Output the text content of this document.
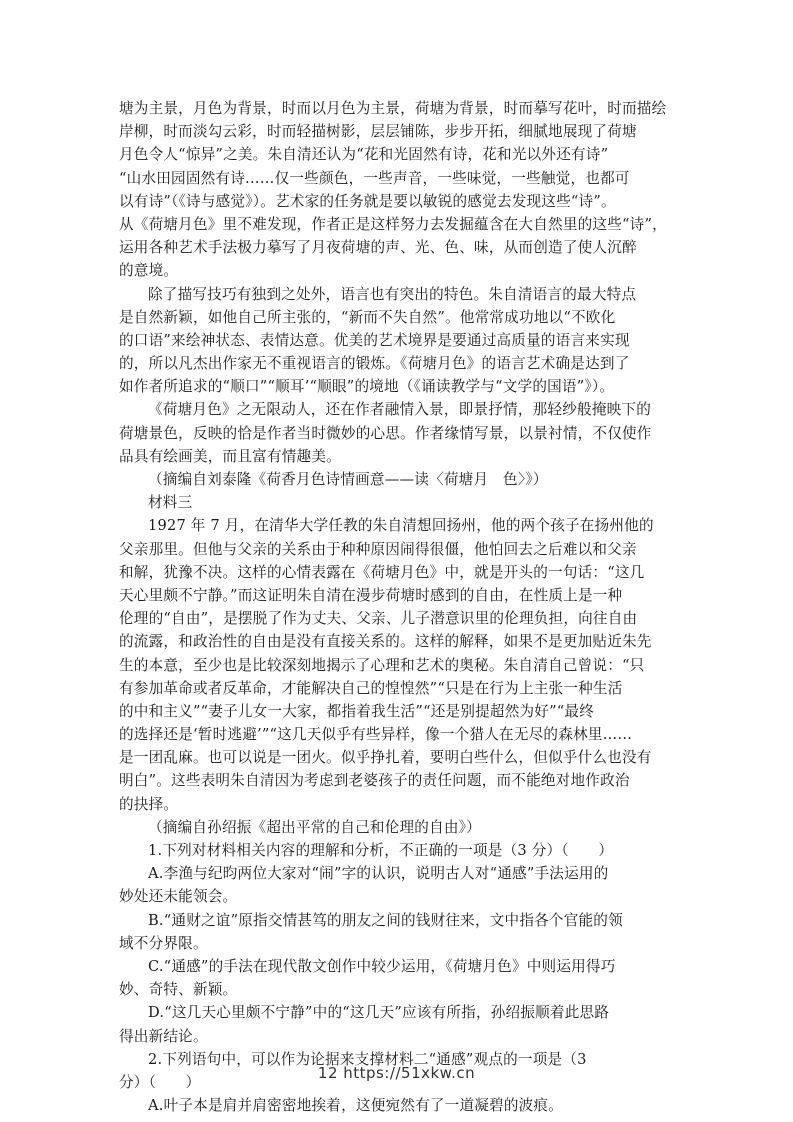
塘为主景，月色为背景，时而以月色为主景，荷塘为背景，时而摹写花叶，时而描绘
岸柳，时而淡勾云彩，时而轻描树影，层层铺陈，步步开拓，细腻地展现了荷塘
月色令人“惊异”之美。朱自清还认为“花和光固然有诗，花和光以外还有诗”
“山水田园固然有诗……仅一些颜色，一些声音，一些味觉，一些触觉，也都可
以有诗”（《诗与感觉》）。艺术家的任务就是要以敏锐的感觉去发现这些“诗”。
从《荷塘月色》里不难发现，作者正是这样努力去发掘蕴含在大自然里的这些“诗”，
运用各种艺术手法极力摹写了月夜荷塘的声、光、色、味，从而创造了使人沉醉
的意境。
除了描写技巧有独到之处外，语言也有突出的特色。朱自清语言的最大特点
是自然新颖，如他自己所主张的，“新而不失自然”。他常常成功地以“不欧化
的口语”来绘神状态、表情达意。优美的艺术境界是要通过高质量的语言来实现
的，所以凡杰出作家无不重视语言的锻炼。《荷塘月色》的语言艺术确是达到了
如作者所追求的“顺口”“顺耳’“顺眼”的境地（《诵读教学与“文学的国语”》）。
《荷塘月色》之无限动人，还在作者融情入景，即景抒情，那轻纱般掩映下的
荷塘景色，反映的恰是作者当时微妙的心思。作者缘情写景，以景衬情，不仅使作
品具有绘画美，而且富有情趣美。
（摘编自刘泰隆《荷香月色诗情画意——读〈荷塘月　色〉》）
材料三
1927 年 7 月，在清华大学任教的朱自清想回扬州，他的两个孩子在扬州他的
父亲那里。但他与父亲的关系由于种种原因闹得很僵，他怕回去之后难以和父亲
和解，犹豫不决。这样的心情表露在《荷塘月色》中，就是开头的一句话：“这几
天心里颇不宁静。”而这证明朱自清在漫步荷塘时感到的自由，在性质上是一种
伦理的“自由”，是摆脱了作为丈夫、父亲、儿子潜意识里的伦理负担，向往自由
的流露，和政治性的自由是没有直接关系的。这样的解释，如果不是更加贴近朱先
生的本意，至少也是比较深刻地揭示了心理和艺术的奥秘。朱自清自己曾说：“只
有参加革命或者反革命，才能解决自己的惶惶然”“只是在行为上主张一种生活
的中和主义”“妻子儿女一大家，都指着我生活”“还是别提超然为好”“最终
的选择还是‘暂时逃避’”“这几天似乎有些异样，像一个猎人在无尽的森林里……
是一团乱麻。也可以说是一团火。似乎挣扎着，要明白些什么，但似乎什么也没有
明白”。这些表明朱自清因为考虑到老婆孩子的责任问题，而不能绝对地作政治
的抉择。
（摘编自孙绍振《超出平常的自己和伦理的自由》）
1.下列对材料相关内容的理解和分析，不正确的一项是（3 分）（　　）
A.李渔与纪昀两位大家对“闹”字的认识，说明古人对“通感”手法运用的
妙处还未能领会。
B.“通财之谊”原指交情甚笃的朋友之间的钱财往来，文中指各个官能的领
域不分界限。
C.“通感”的手法在现代散文创作中较少运用，《荷塘月色》中则运用得巧
妙、奇特、新颖。
D.“这几天心里颇不宁静”中的“这几天”应该有所指，孙绍振顺着此思路
得出新结论。
2.下列语句中，可以作为论据来支撑材料二“通感”观点的一项是（3
分）（　　）
A.叶子本是肩并肩密密地挨着，这便宛然有了一道凝碧的波痕。
12 https://51xkw.cn
